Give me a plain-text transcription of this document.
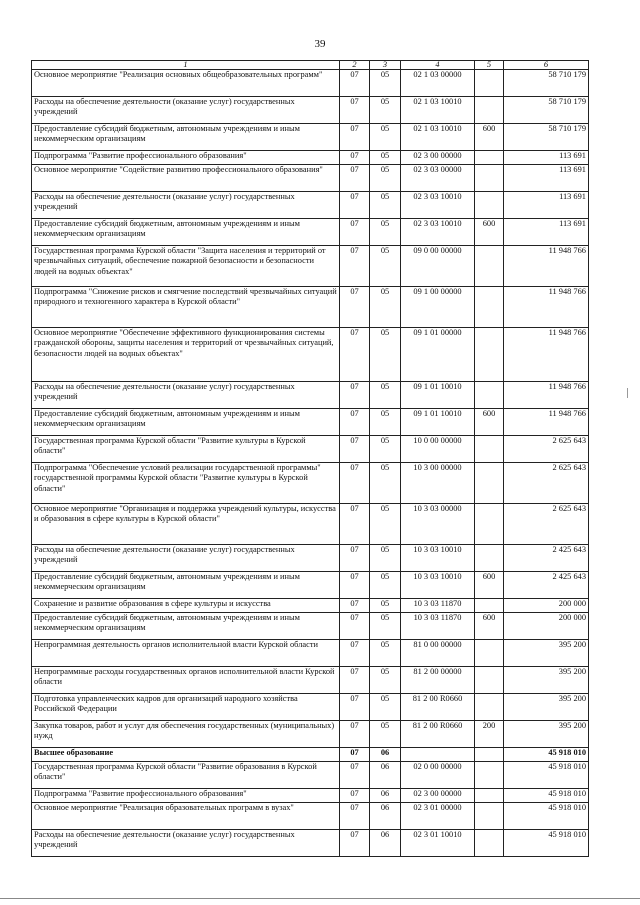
39
1	2	3	4	5	6
Основное мероприятие "Реализация основных общеобразовательных программ"	07	05	02 1 03 00000		58 710 179
Расходы на обеспечение деятельности (оказание услуг) государственных учреждений	07	05	02 1 03 10010		58 710 179
Предоставление субсидий бюджетным, автономным учреждениям и иным некоммерческим организациям	07	05	02 1 03 10010	600	58 710 179
Подпрограмма "Развитие профессионального образования"	07	05	02 3 00 00000		113 691
Основное мероприятие "Содействие развитию профессионального образования"	07	05	02 3 03 00000		113 691
Расходы на обеспечение деятельности (оказание услуг) государственных учреждений	07	05	02 3 03 10010		113 691
Предоставление субсидий бюджетным, автономным учреждениям и иным некоммерческим организациям	07	05	02 3 03 10010	600	113 691
Государственная программа Курской области "Защита населения и территорий от чрезвычайных ситуаций, обеспечение пожарной безопасности и безопасности людей на водных объектах"	07	05	09 0 00 00000		11 948 766
Подпрограмма "Снижение рисков и смягчение последствий чрезвычайных ситуаций природного и техногенного характера в Курской области"	07	05	09 1 00 00000		11 948 766
Основное мероприятие "Обеспечение эффективного функционирования системы гражданской обороны, защиты населения и территорий от чрезвычайных ситуаций, безопасности людей на водных объектах"	07	05	09 1 01 00000		11 948 766
Расходы на обеспечение деятельности (оказание услуг) государственных учреждений	07	05	09 1 01 10010		11 948 766
Предоставление субсидий бюджетным, автономным учреждениям и иным некоммерческим организациям	07	05	09 1 01 10010	600	11 948 766
Государственная программа Курской области "Развитие культуры в Курской области"	07	05	10 0 00 00000		2 625 643
Подпрограмма "Обеспечение условий реализации государственной программы" государственной программы Курской области "Развитие культуры в Курской области"	07	05	10 3 00 00000		2 625 643
Основное мероприятие "Организация и поддержка учреждений культуры, искусства и образования в сфере культуры в Курской области"	07	05	10 3 03 00000		2 625 643
Расходы на обеспечение деятельности (оказание услуг) государственных учреждений	07	05	10 3 03 10010		2 425 643
Предоставление субсидий бюджетным, автономным учреждениям и иным некоммерческим организациям	07	05	10 3 03 10010	600	2 425 643
Сохранение и развитие образования в сфере культуры и искусства	07	05	10 3 03 11870		200 000
Предоставление субсидий бюджетным, автономным учреждениям и иным некоммерческим организациям	07	05	10 3 03 11870	600	200 000
Непрограммная деятельность органов исполнительной власти Курской области	07	05	81 0 00 00000		395 200
Непрограммные расходы государственных органов исполнительной власти Курской области	07	05	81 2 00 00000		395 200
Подготовка управленческих кадров для организаций народного хозяйства Российской Федерации	07	05	81 2 00 R0660		395 200
Закупка товаров, работ и услуг для обеспечения государственных (муниципальных) нужд	07	05	81 2 00 R0660	200	395 200
Высшее образование	07	06			45 918 010
Государственная программа Курской области "Развитие образования в Курской области"	07	06	02 0 00 00000		45 918 010
Подпрограмма "Развитие профессионального образования"	07	06	02 3 00 00000		45 918 010
Основное мероприятие "Реализация образовательных программ в вузах"	07	06	02 3 01 00000		45 918 010
Расходы на обеспечение деятельности (оказание услуг) государственных учреждений	07	06	02 3 01 10010		45 918 010
